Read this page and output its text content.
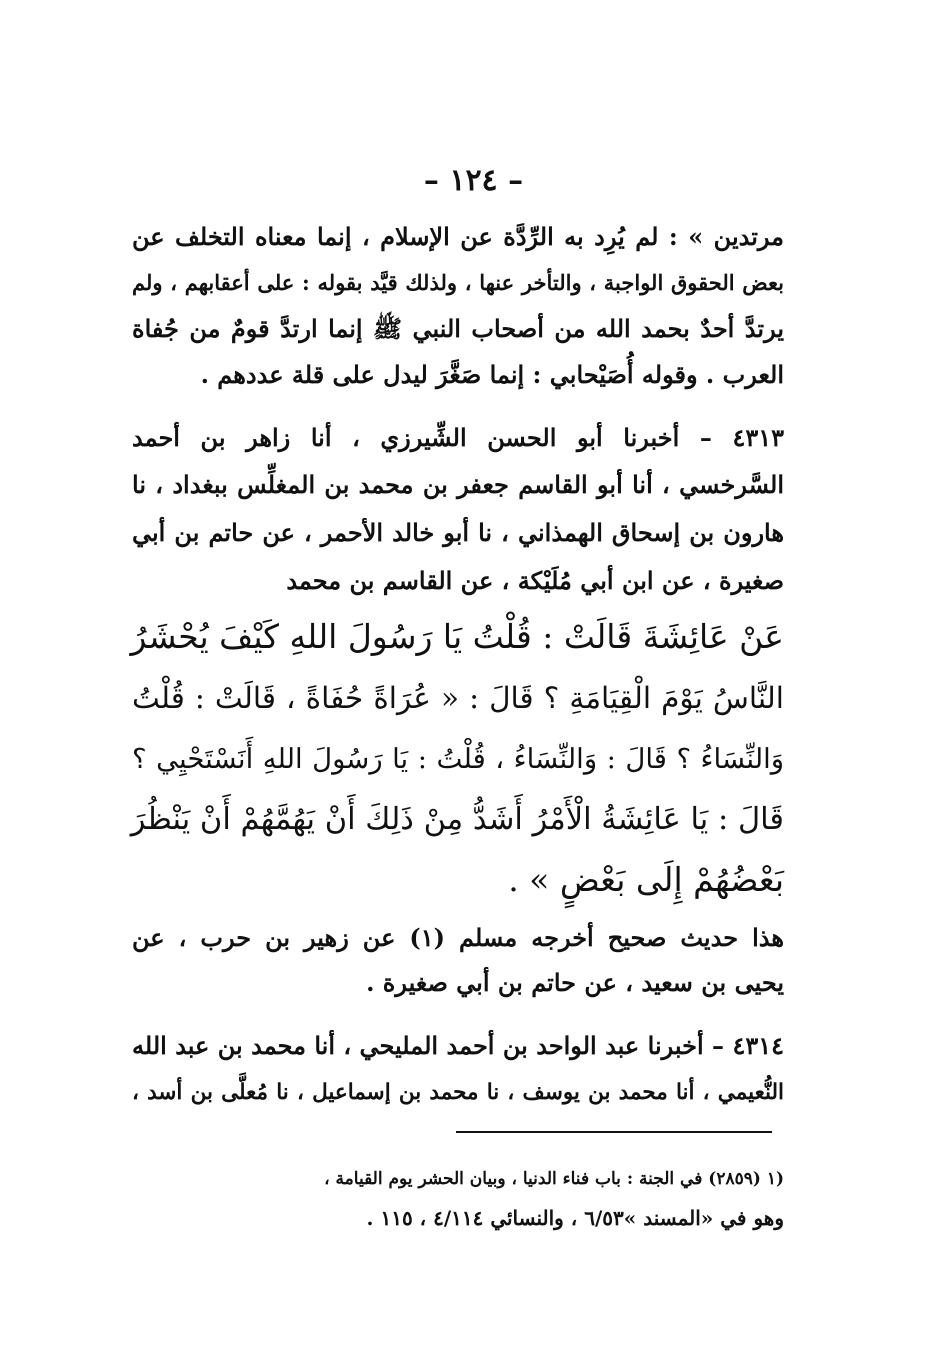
– ١٢٤ –
مرتدين » : لم يُرِد به الرِّدَّة عن الإسلام ، إنما معناه التخلف عن
بعض الحقوق الواجبة ، والتأخر عنها ، ولذلك قيَّد بقوله : على أعقابهم ، ولم
يرتدَّ أحدٌ بحمد الله من أصحاب النبي ﷺ إنما ارتدَّ قومٌ من جُفاة
العرب . وقوله أُصَيْحابي : إنما صَغَّرَ ليدل على قلة عددهم .
٤٣١٣ – أخبرنا أبو الحسن الشِّيرزي ، أنا زاهر بن أحمد
السَّرخسي ، أنا أبو القاسم جعفر بن محمد بن المغلِّس ببغداد ، نا
هارون بن إسحاق الهمذاني ، نا أبو خالد الأحمر ، عن حاتم بن أبي
صغيرة ، عن ابن أبي مُلَيْكة ، عن القاسم بن محمد
عَنْ عَائِشَةَ قَالَتْ : قُلْتُ يَا رَسُولَ اللهِ كَيْفَ يُحْشَرُ
النَّاسُ يَوْمَ الْقِيَامَةِ ؟ قَالَ : « عُرَاةً حُفَاةً ، قَالَتْ : قُلْتُ
وَالنِّسَاءُ ؟ قَالَ : وَالنِّسَاءُ ، قُلْتُ : يَا رَسُولَ اللهِ أَنَسْتَحْيِي ؟
قَالَ : يَا عَائِشَةُ الْأَمْرُ أَشَدُّ مِنْ ذَلِكَ أَنْ يَهُمَّهُمْ أَنْ يَنْظُرَ
بَعْضُهُمْ إِلَى بَعْضٍ » .
هذا حديث صحيح أخرجه مسلم (١) عن زهير بن حرب ، عن
يحيى بن سعيد ، عن حاتم بن أبي صغيرة .
٤٣١٤ – أخبرنا عبد الواحد بن أحمد المليحي ، أنا محمد بن عبد الله
النُّعيمي ، أنا محمد بن يوسف ، نا محمد بن إسماعيل ، نا مُعلَّى بن أسد ،
(١ (٢٨٥٩) في الجنة : باب فناء الدنيا ، وبيان الحشر يوم القيامة ،
وهو في «المسند »٦/٥٣ ، والنسائي ٤/١١٤ ، ١١٥ .
